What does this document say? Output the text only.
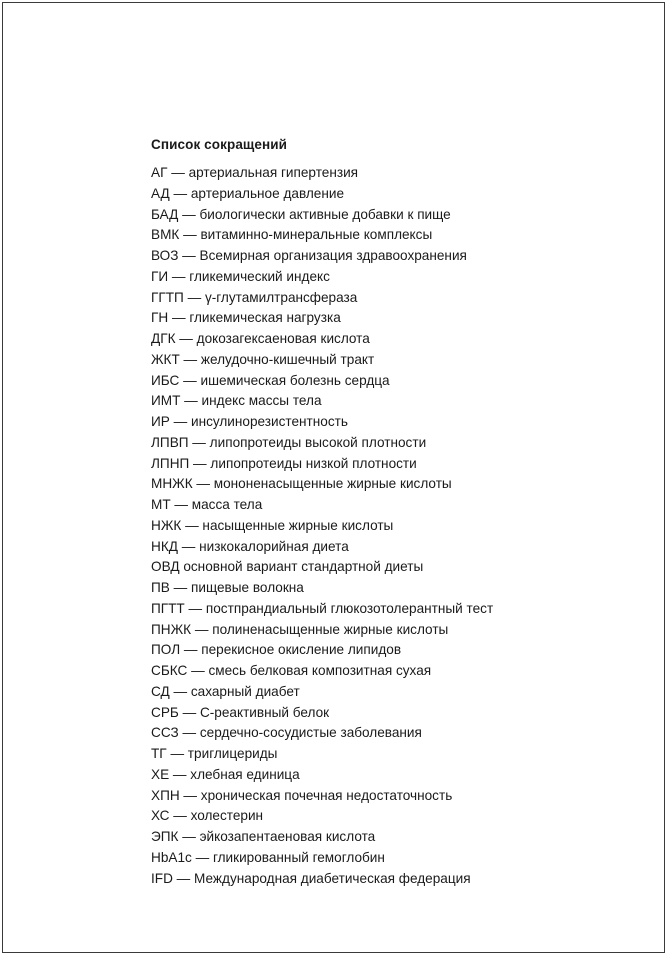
Список сокращений
АГ — артериальная гипертензия
АД — артериальное давление
БАД — биологически активные добавки к пище
ВМК — витаминно-минеральные комплексы
ВОЗ — Всемирная организация здравоохранения
ГИ — гликемический индекс
ГГТП — γ-глутамилтрансфераза
ГН — гликемическая нагрузка
ДГК — докозагексаеновая кислота
ЖКТ — желудочно-кишечный тракт
ИБС — ишемическая болезнь сердца
ИМТ — индекс массы тела
ИР — инсулинорезистентность
ЛПВП — липопротеиды высокой плотности
ЛПНП — липопротеиды низкой плотности
МНЖК — мононенасыщенные жирные кислоты
МТ — масса тела
НЖК — насыщенные жирные кислоты
НКД — низкокалорийная диета
ОВД основной вариант стандартной диеты
ПВ — пищевые волокна
ПГТТ — постпрандиальный глюкозотолерантный тест
ПНЖК — полиненасыщенные жирные кислоты
ПОЛ — перекисное окисление липидов
СБКС — смесь белковая композитная сухая
СД — сахарный диабет
СРБ — С-реактивный белок
ССЗ — сердечно-сосудистые заболевания
ТГ — триглицериды
ХЕ — хлебная единица
ХПН — хроническая почечная недостаточность
ХС — холестерин
ЭПК — эйкозапентаеновая кислота
HbA1c — гликированный гемоглобин
IFD — Международная диабетическая федерация
